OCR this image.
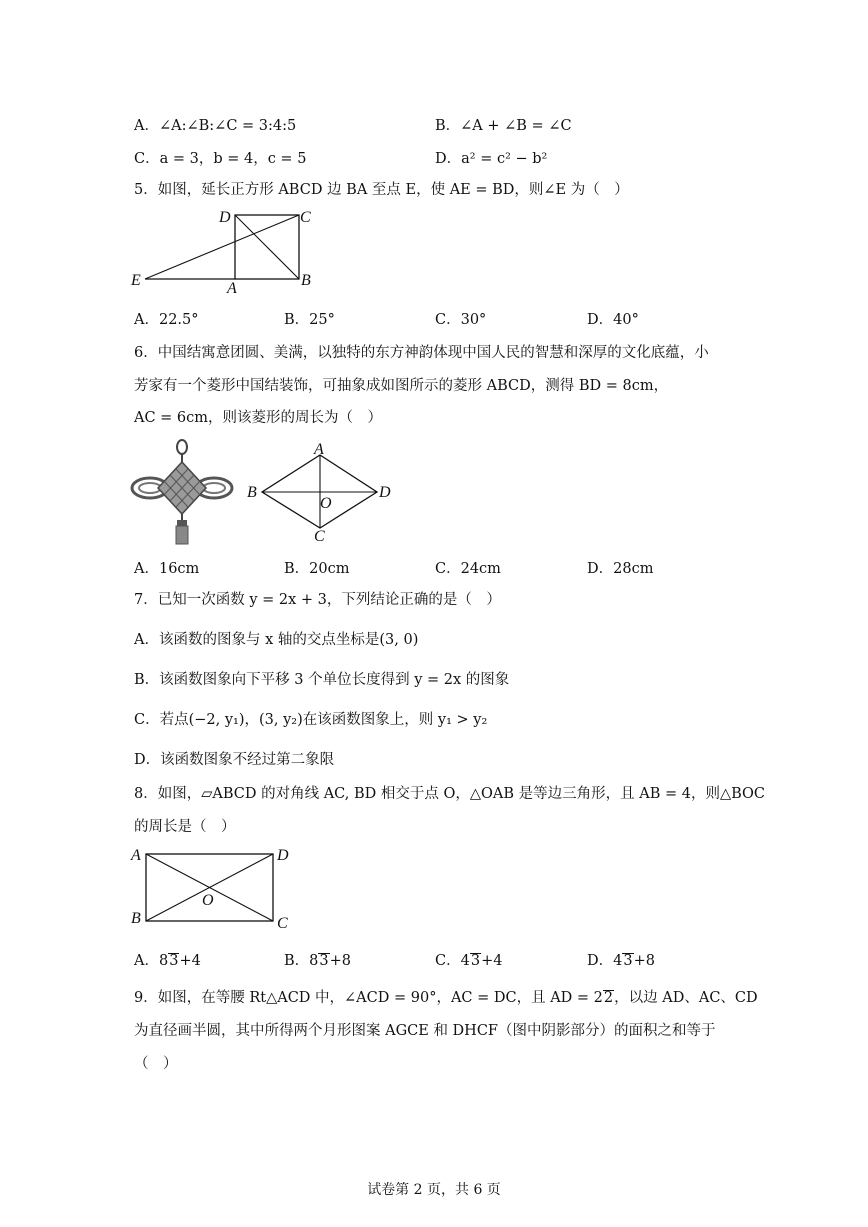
A．∠A:∠B:∠C = 3:4:5	B．∠A + ∠B = ∠C
C．a = 3，b = 4，c = 5	D．a² = c² − b²
5．如图，延长正方形 ABCD 边 BA 至点 E，使 AE = BD，则∠E 为（　）
D	C
E	A	B
A．22.5°	B．25°	C．30°	D．40°
6．中国结寓意团圆、美满，以独特的东方神韵体现中国人民的智慧和深厚的文化底蕴，小
芳家有一个菱形中国结装饰，可抽象成如图所示的菱形 ABCD，测得 BD = 8cm，
AC = 6cm，则该菱形的周长为（　）
A
B
C
D
O
A．16cm	B．20cm	C．24cm	D．28cm
7．已知一次函数 y = 2x + 3，下列结论正确的是（　）
A．该函数的图象与 x 轴的交点坐标是(3, 0)
B．该函数图象向下平移 3 个单位长度得到 y = 2x 的图象
C．若点(−2, y₁)，(3, y₂)在该函数图象上，则 y₁ > y₂
D．该函数图象不经过第二象限
8．如图，▱ABCD 的对角线 AC, BD 相交于点 O，△OAB 是等边三角形，且 AB = 4，则△BOC
的周长是（　）
A	D
B	C
O
A．83+4	B．83+8	C．43+4	D．43+8
9．如图，在等腰 Rt△ACD 中，∠ACD = 90°，AC = DC，且 AD = 22，以边 AD、AC、CD
为直径画半圆，其中所得两个月形图案 AGCE 和 DHCF（图中阴影部分）的面积之和等于
（　）
试卷第 2 页，共 6 页
